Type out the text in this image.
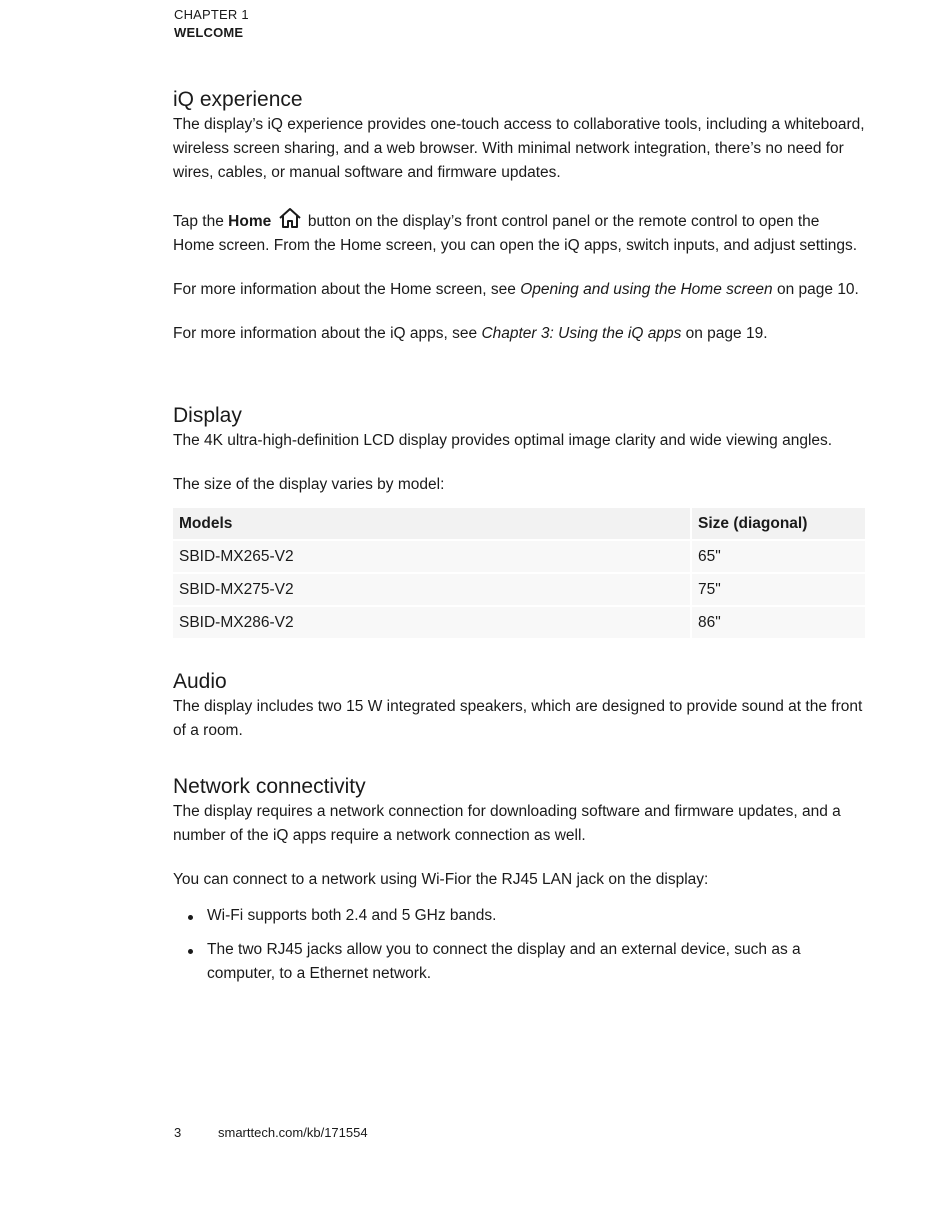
CHAPTER 1
WELCOME
iQ experience

The display’s iQ experience provides one-touch access to collaborative tools, including a whiteboard, wireless screen sharing, and a web browser. With minimal network integration, there’s no need for wires, cables, or manual software and firmware updates.

Tap the Home  button on the display’s front control panel or the remote control to open the Home screen. From the Home screen, you can open the iQ apps, switch inputs, and adjust settings.

For more information about the Home screen, see Opening and using the Home screen on page 10.

For more information about the iQ apps, see Chapter 3: Using the iQ apps on page 19.

Display

The 4K ultra-high-definition LCD display provides optimal image clarity and wide viewing angles.

The size of the display varies by model:

Models	Size (diagonal)
SBID-MX265-V2	65"
SBID-MX275-V2	75"
SBID-MX286-V2	86"
Audio

The display includes two 15 W integrated speakers, which are designed to provide sound at the front of a room.

Network connectivity

The display requires a network connection for downloading software and firmware updates, and a number of the iQ apps require a network connection as well.

You can connect to a network using Wi-Fior the RJ45 LAN jack on the display:

Wi-Fi supports both 2.4 and 5 GHz bands.
The two RJ45 jacks allow you to connect the display and an external device, such as a computer, to a Ethernet network.
3	smarttech.com/kb/171554
